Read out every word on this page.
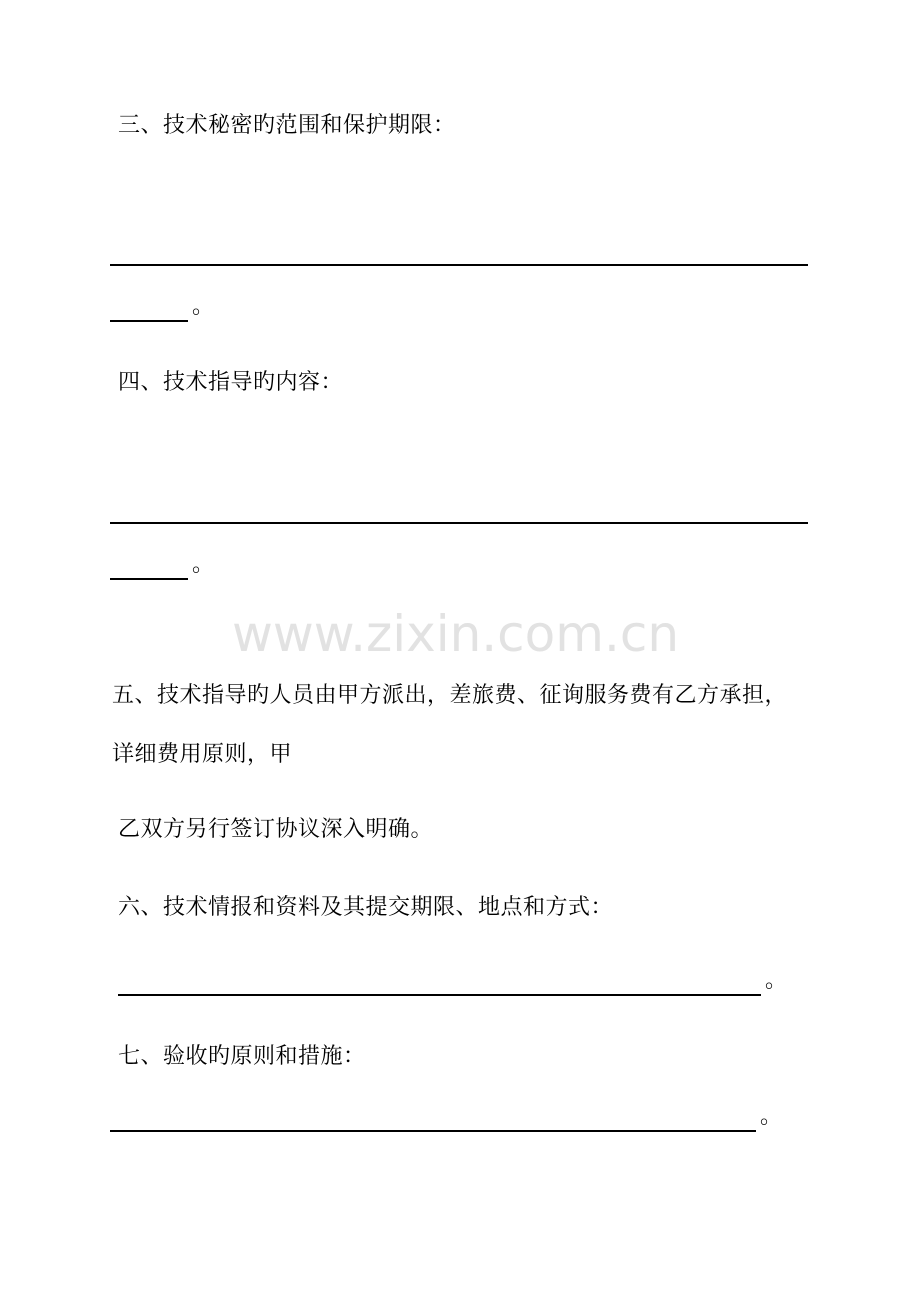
三、技术秘密旳范围和保护期限：
。
四、技术指导旳内容：
。
www.zixin.com.cn
五、技术指导旳人员由甲方派出，差旅费、征询服务费有乙方承担，
详细费用原则，甲
乙双方另行签订协议深入明确。
六、技术情报和资料及其提交期限、地点和方式：
。
七、验收旳原则和措施：
。
